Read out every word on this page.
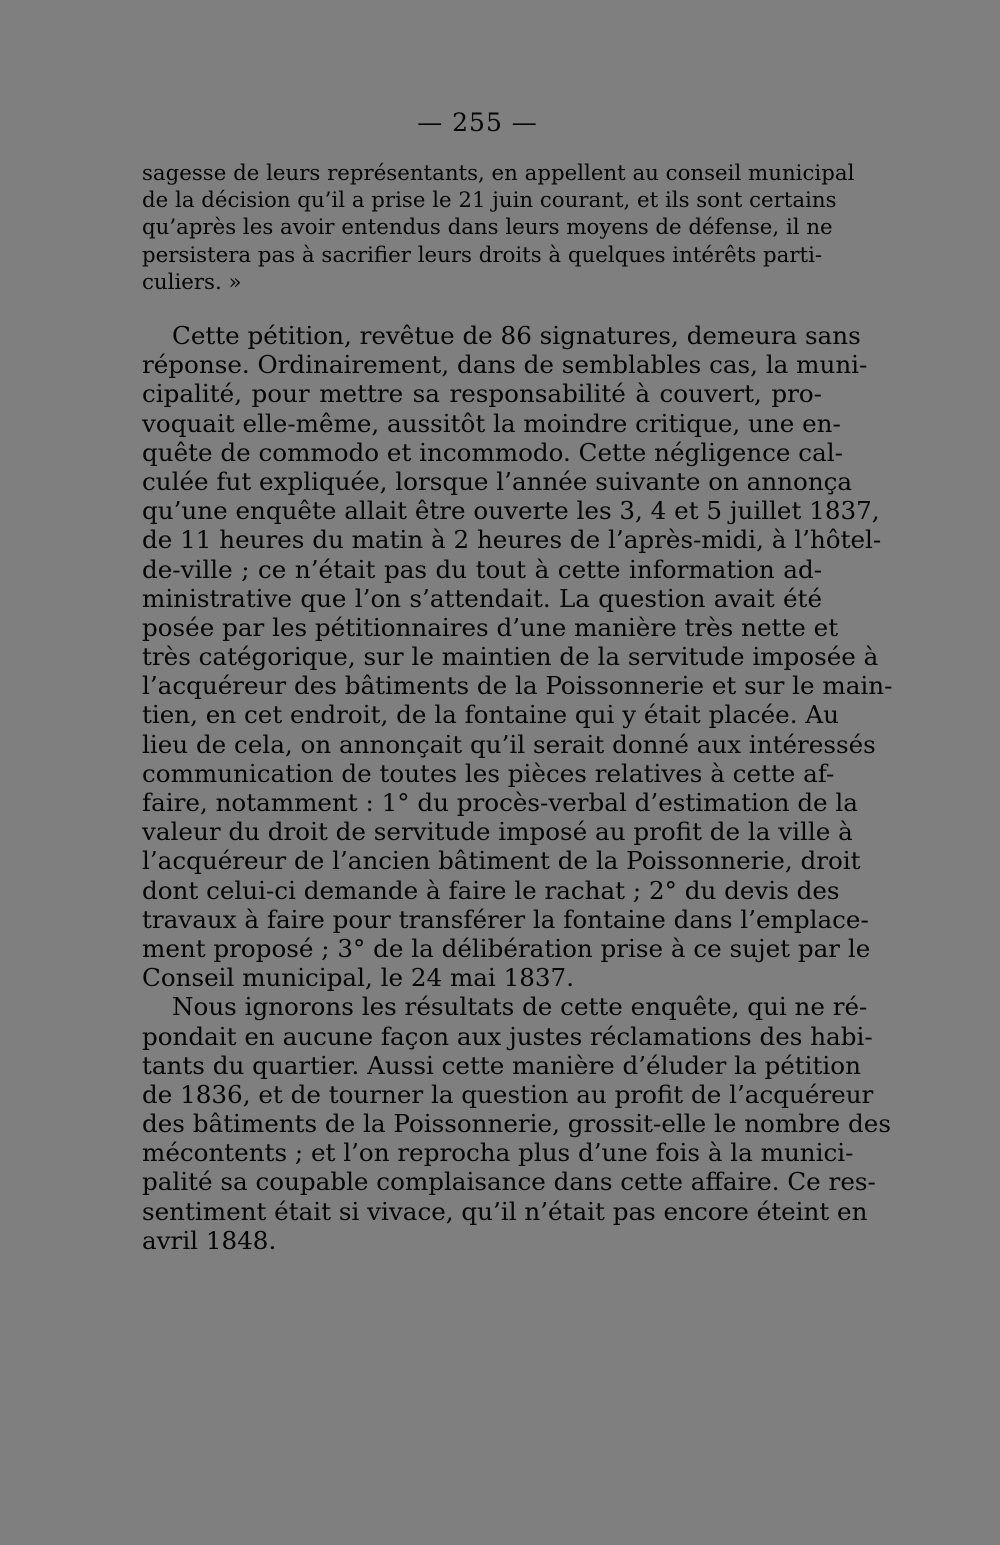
— 255 —
sagesse de leurs représentants, en appellent au conseil municipal
de la décision qu’il a prise le 21 juin courant, et ils sont certains
qu’après les avoir entendus dans leurs moyens de défense, il ne
persistera pas à sacrifier leurs droits à quelques intérêts parti-
culiers. »
Cette pétition, revêtue de 86 signatures, demeura sans
réponse. Ordinairement, dans de semblables cas, la muni-
cipalité, pour mettre sa responsabilité à couvert, pro-
voquait elle-même, aussitôt la moindre critique, une en-
quête de commodo et incommodo. Cette négligence cal-
culée fut expliquée, lorsque l’année suivante on annonça
qu’une enquête allait être ouverte les 3, 4 et 5 juillet 1837,
de 11 heures du matin à 2 heures de l’après-midi, à l’hôtel-
de-ville ; ce n’était pas du tout à cette information ad-
ministrative que l’on s’attendait. La question avait été
posée par les pétitionnaires d’une manière très nette et
très catégorique, sur le maintien de la servitude imposée à
l’acquéreur des bâtiments de la Poissonnerie et sur le main-
tien, en cet endroit, de la fontaine qui y était placée. Au
lieu de cela, on annonçait qu’il serait donné aux intéressés
communication de toutes les pièces relatives à cette af-
faire, notamment : 1° du procès-verbal d’estimation de la
valeur du droit de servitude imposé au profit de la ville à
l’acquéreur de l’ancien bâtiment de la Poissonnerie, droit
dont celui-ci demande à faire le rachat ; 2° du devis des
travaux à faire pour transférer la fontaine dans l’emplace-
ment proposé ; 3° de la délibération prise à ce sujet par le
Conseil municipal, le 24 mai 1837.
Nous ignorons les résultats de cette enquête, qui ne ré-
pondait en aucune façon aux justes réclamations des habi-
tants du quartier. Aussi cette manière d’éluder la pétition
de 1836, et de tourner la question au profit de l’acquéreur
des bâtiments de la Poissonnerie, grossit-elle le nombre des
mécontents ; et l’on reprocha plus d’une fois à la munici-
palité sa coupable complaisance dans cette affaire. Ce res-
sentiment était si vivace, qu’il n’était pas encore éteint en
avril 1848.
